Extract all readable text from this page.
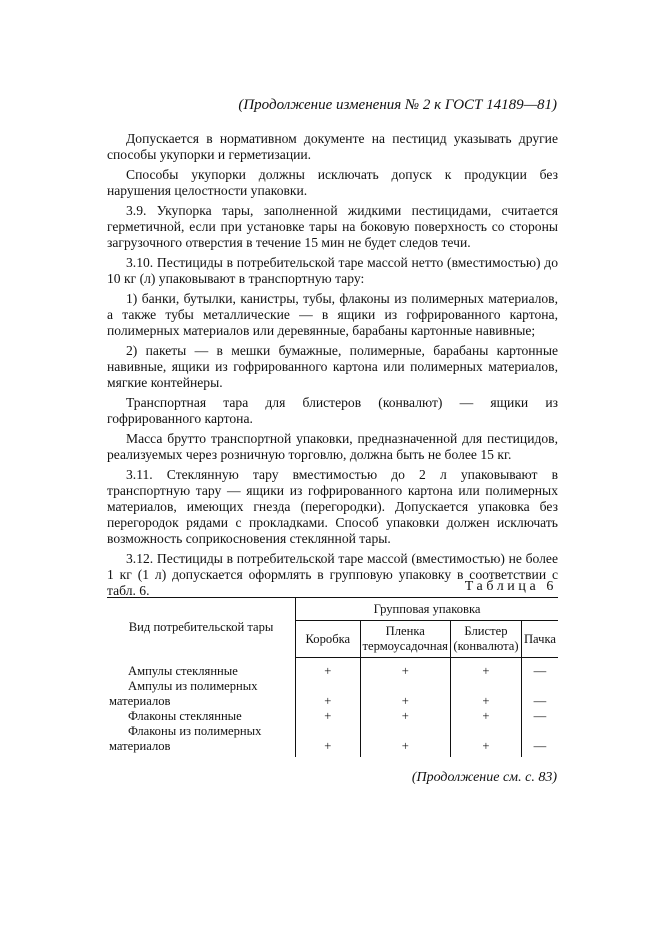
(Продолжение изменения № 2 к ГОСТ 14189—81)

Допускается в нормативном документе на пестицид указывать другие способы укупорки и герметизации.

Способы укупорки должны исключать допуск к продукции без нарушения целостности упаковки.

3.9. Укупорка тары, заполненной жидкими пестицидами, считается герметичной, если при установке тары на боковую поверхность со стороны загрузочного отверстия в течение 15 мин не будет следов течи.

3.10. Пестициды в потребительской таре массой нетто (вместимостью) до 10 кг (л) упаковывают в транспортную тару:

1) банки, бутылки, канистры, тубы, флаконы из полимерных материалов, а также тубы металлические — в ящики из гофрированного картона, полимерных материалов или деревянные, барабаны картонные навивные;

2) пакеты — в мешки бумажные, полимерные, барабаны картонные навивные, ящики из гофрированного картона или полимерных материалов, мягкие контейнеры.

Транспортная тара для блистеров (конвалют) — ящики из гофрированного картона.

Масса брутто транспортной упаковки, предназначенной для пестицидов, реализуемых через розничную торговлю, должна быть не более 15 кг.

3.11. Стеклянную тару вместимостью до 2 л упаковывают в транспортную тару — ящики из гофрированного картона или полимерных материалов, имеющих гнезда (перегородки). Допускается упаковка без перегородок рядами с прокладками. Способ упаковки должен исключать возможность соприкосновения стеклянной тары.

3.12. Пестициды в потребительской таре массой (вместимостью) не более 1 кг (1 л) допускается оформлять в групповую упаковку в соответствии с табл. 6.	Таблица 6
Вид потребительской тары	Групповая упаковка			
	Коробка	Пленка термоусадочная	Блистер (конвалюта)	Пачка

Ампулы стеклянные	+	+	+	—

Ампулы из полимерных материалов	+	+	+	—

Флаконы стеклянные	+	+	+	—

Флаконы из полимерных материалов	+	+	+	—
(Продолжение см. с. 83)
